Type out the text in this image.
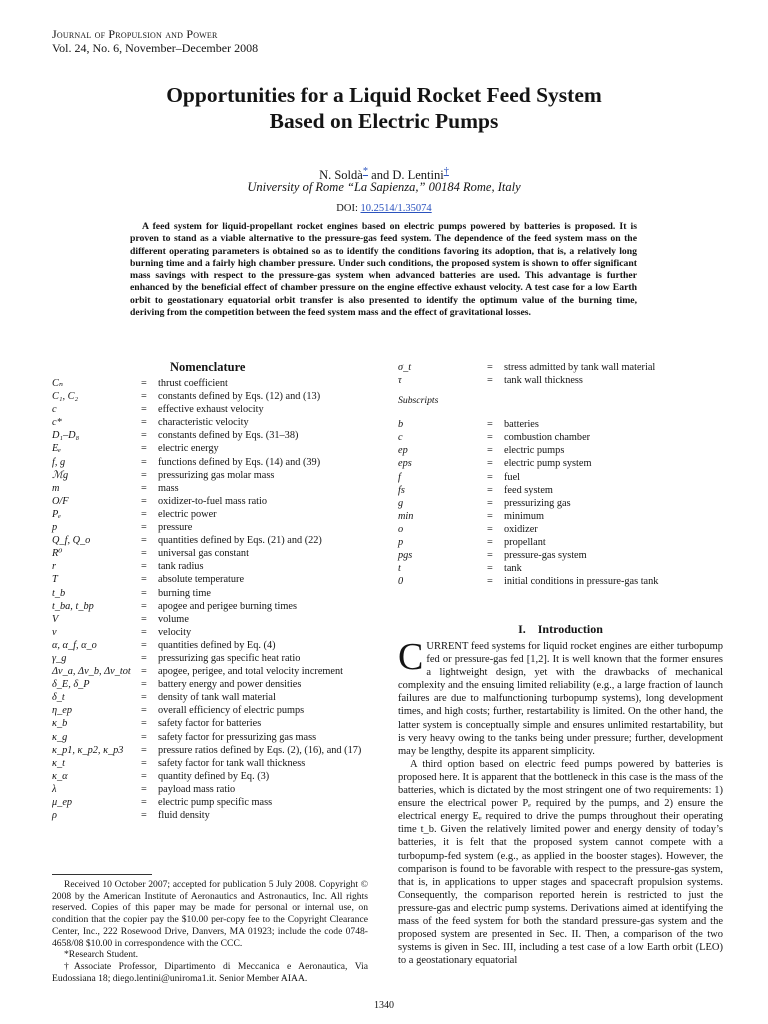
Journal of Propulsion and Power
Vol. 24, No. 6, November–December 2008
Opportunities for a Liquid Rocket Feed System
Based on Electric Pumps
N. Soldà* and D. Lentini†
University of Rome “La Sapienza,” 00184 Rome, Italy
DOI: 10.2514/1.35074
A feed system for liquid-propellant rocket engines based on electric pumps powered by batteries is proposed. It is proven to stand as a viable alternative to the pressure-gas feed system. The dependence of the feed system mass on the different operating parameters is obtained so as to identify the conditions favoring its adoption, that is, a relatively long burning time and a fairly high chamber pressure. Under such conditions, the proposed system is shown to offer significant mass savings with respect to the pressure-gas system when advanced batteries are used. This advantage is further enhanced by the beneficial effect of chamber pressure on the engine effective exhaust velocity. A test case for a low Earth orbit to geostationary equatorial orbit transfer is also presented to identify the optimum value of the burning time, deriving from the competition between the feed system mass and the effect of gravitational losses.
Nomenclature
Cₙ	=	thrust coefficient
C₁, C₂	=	constants defined by Eqs. (12) and (13)
c	=	effective exhaust velocity
c*	=	characteristic velocity
D₁–D₈	=	constants defined by Eqs. (31–38)
Eₑ	=	electric energy
f, g	=	functions defined by Eqs. (14) and (39)
ℳg	=	pressurizing gas molar mass
m	=	mass
O/F	=	oxidizer-to-fuel mass ratio
Pₑ	=	electric power
p	=	pressure
Q_f, Q_o	=	quantities defined by Eqs. (21) and (22)
R⁰	=	universal gas constant
r	=	tank radius
T	=	absolute temperature
t_b	=	burning time
t_ba, t_bp	=	apogee and perigee burning times
V	=	volume
v	=	velocity
α, α_f, α_o	=	quantities defined by Eq. (4)
γ_g	=	pressurizing gas specific heat ratio
Δv_a, Δv_b, Δv_tot =	apogee, perigee, and total velocity increment
δ_E, δ_P	=	battery energy and power densities
δ_t	=	density of tank wall material
η_ep	=	overall efficiency of electric pumps
κ_b	=	safety factor for batteries
κ_g	=	safety factor for pressurizing gas mass
κ_p1, κ_p2, κ_p3	=	pressure ratios defined by Eqs. (2), (16), and (17)
κ_t	=	safety factor for tank wall thickness
κ_α	=	quantity defined by Eq. (3)
λ	=	payload mass ratio
μ_ep	=	electric pump specific mass
ρ	=	fluid density
σ_t	=	stress admitted by tank wall material
τ	=	tank wall thickness
Subscripts
b	=	batteries
c	=	combustion chamber
ep	=	electric pumps
eps	=	electric pump system
f	=	fuel
fs	=	feed system
g	=	pressurizing gas
min	=	minimum
o	=	oxidizer
p	=	propellant
pgs	=	pressure-gas system
t	=	tank
0	=	initial conditions in pressure-gas tank

Received 10 October 2007; accepted for publication 5 July 2008. Copyright © 2008 by the American Institute of Aeronautics and Astronautics, Inc. All rights reserved. Copies of this paper may be made for personal or internal use, on condition that the copier pay the $10.00 per-copy fee to the Copyright Clearance Center, Inc., 222 Rosewood Drive, Danvers, MA 01923; include the code 0748-4658/08 $10.00 in correspondence with the CCC.

*Research Student.

†Associate Professor, Dipartimento di Meccanica e Aeronautica, Via Eudossiana 18; diego.lentini@uniroma1.it. Senior Member AIAA.

I. Introduction

CURRENT feed systems for liquid rocket engines are either turbopump fed or pressure-gas fed [1,2]. It is well known that the former ensures a lightweight design, yet with the drawbacks of mechanical complexity and the ensuing limited reliability (e.g., a large fraction of launch failures are due to malfunctioning turbopump systems), long development times, and high costs; further, restartability is limited. On the other hand, the latter system is conceptually simple and ensures unlimited restartability, but is very heavy owing to the tanks being under pressure; further, development may be lengthy, despite its apparent simplicity.

A third option based on electric feed pumps powered by batteries is proposed here. It is apparent that the bottleneck in this case is the mass of the batteries, which is dictated by the most stringent one of two requirements: 1) ensure the electrical power Pₑ required by the pumps, and 2) ensure the electrical energy Eₑ required to drive the pumps throughout their operating time t_b. Given the relatively limited power and energy density of today’s batteries, it is felt that the proposed system cannot compete with a turbopump-fed system (e.g., as applied in the booster stages). However, the comparison is found to be favorable with respect to the pressure-gas system, that is, in applications to upper stages and spacecraft propulsion systems. Consequently, the comparison reported herein is restricted to just the pressure-gas and electric pump systems. Derivations aimed at identifying the mass of the feed system for both the standard pressure-gas system and the proposed system are presented in Sec. II. Then, a comparison of the two systems is given in Sec. III, including a test case of a low Earth orbit (LEO) to a geostationary equatorial

1340
